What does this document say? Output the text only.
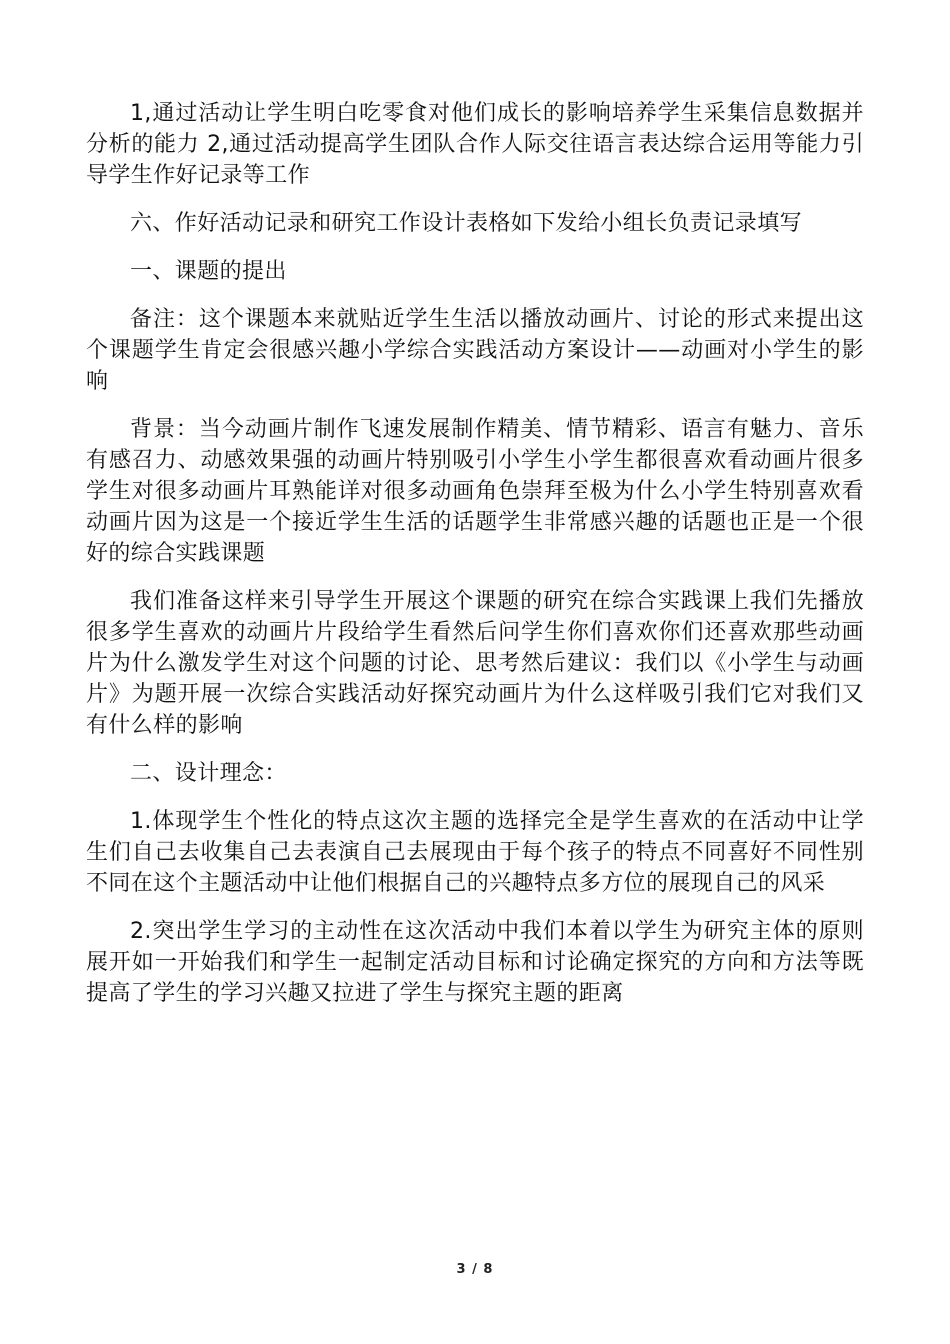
1,通过活动让学生明白吃零食对他们成长的影响培养学生采集信息数据并分析的能力 2,通过活动提高学生团队合作人际交往语言表达综合运用等能力引导学生作好记录等工作

六、作好活动记录和研究工作设计表格如下发给小组长负责记录填写

一、课题的提出

备注：这个课题本来就贴近学生生活以播放动画片、讨论的形式来提出这个课题学生肯定会很感兴趣小学综合实践活动方案设计——动画对小学生的影响

背景：当今动画片制作飞速发展制作精美、情节精彩、语言有魅力、音乐有感召力、动感效果强的动画片特别吸引小学生小学生都很喜欢看动画片很多学生对很多动画片耳熟能详对很多动画角色崇拜至极为什么小学生特别喜欢看动画片因为这是一个接近学生生活的话题学生非常感兴趣的话题也正是一个很好的综合实践课题

我们准备这样来引导学生开展这个课题的研究在综合实践课上我们先播放很多学生喜欢的动画片片段给学生看然后问学生你们喜欢你们还喜欢那些动画片为什么激发学生对这个问题的讨论、思考然后建议：我们以《小学生与动画片》为题开展一次综合实践活动好探究动画片为什么这样吸引我们它对我们又有什么样的影响

二、设计理念：

1.体现学生个性化的特点这次主题的选择完全是学生喜欢的在活动中让学生们自己去收集自己去表演自己去展现由于每个孩子的特点不同喜好不同性别不同在这个主题活动中让他们根据自己的兴趣特点多方位的展现自己的风采

2.突出学生学习的主动性在这次活动中我们本着以学生为研究主体的原则展开如一开始我们和学生一起制定活动目标和讨论确定探究的方向和方法等既提高了学生的学习兴趣又拉进了学生与探究主题的距离

3 / 8
